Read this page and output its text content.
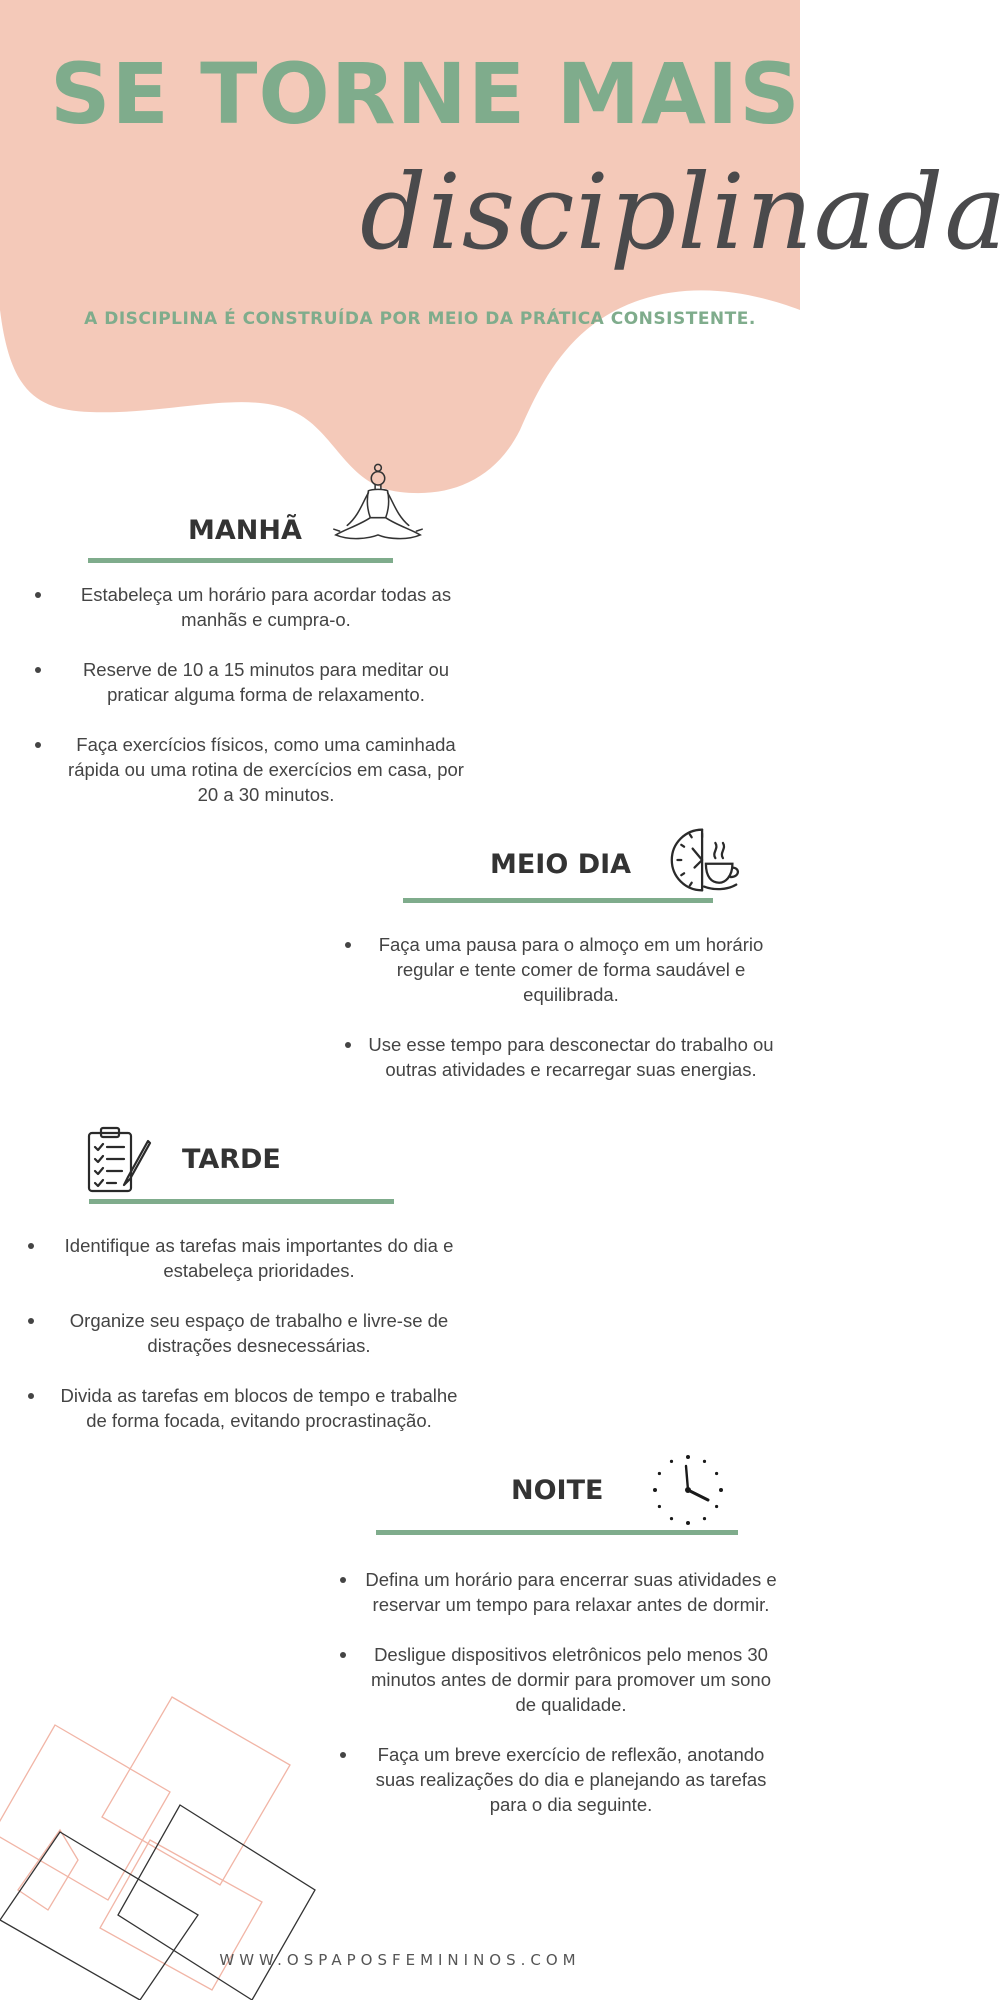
SE TORNE MAIS
disciplinada
A DISCIPLINA É CONSTRUÍDA POR MEIO DA PRÁTICA CONSISTENTE.
MANHÃ
Estabeleça um horário para acordar todas as manhãs e cumpra-o.
Reserve de 10 a 15 minutos para meditar ou praticar alguma forma de relaxamento.
Faça exercícios físicos, como uma caminhada rápida ou uma rotina de exercícios em casa, por 20 a 30 minutos.
MEIO DIA
Faça uma pausa para o almoço em um horário regular e tente comer de forma saudável e equilibrada.
Use esse tempo para desconectar do trabalho ou outras atividades e recarregar suas energias.
TARDE
Identifique as tarefas mais importantes do dia e estabeleça prioridades.
Organize seu espaço de trabalho e livre-se de distrações desnecessárias.
Divida as tarefas em blocos de tempo e trabalhe de forma focada, evitando procrastinação.
NOITE
Defina um horário para encerrar suas atividades e reservar um tempo para relaxar antes de dormir.
Desligue dispositivos eletrônicos pelo menos 30 minutos antes de dormir para promover um sono de qualidade.
Faça um breve exercício de reflexão, anotando suas realizações do dia e planejando as tarefas para o dia seguinte.
WWW.OSPAPOSFEMININOS.COM
